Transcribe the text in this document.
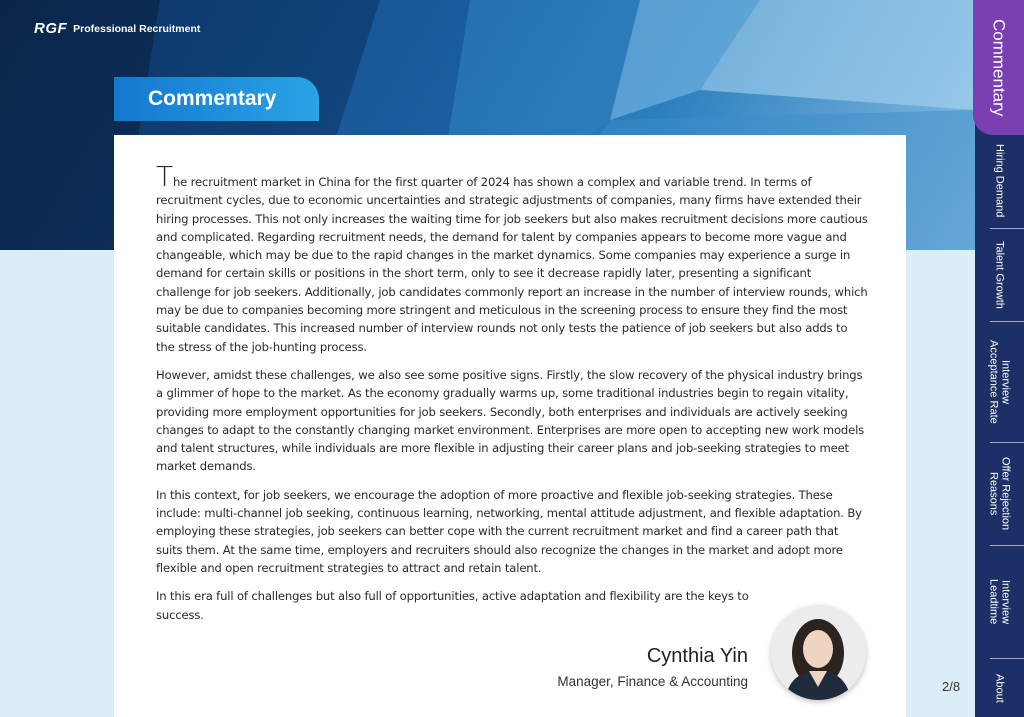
RGF Professional Recruitment
Commentary

The recruitment market in China for the first quarter of 2024 has shown a complex and variable trend. In terms of recruitment cycles, due to economic uncertainties and strategic adjustments of companies, many firms have extended their hiring processes. This not only increases the waiting time for job seekers but also makes recruitment decisions more cautious and complicated. Regarding recruitment needs, the demand for talent by companies appears to become more vague and changeable, which may be due to the rapid changes in the market dynamics. Some companies may experience a surge in demand for certain skills or positions in the short term, only to see it decrease rapidly later, presenting a significant challenge for job seekers. Additionally, job candidates commonly report an increase in the number of interview rounds, which may be due to companies becoming more stringent and meticulous in the screening process to ensure they find the most suitable candidates. This increased number of interview rounds not only tests the patience of job seekers but also adds to the stress of the job-hunting process.

However, amidst these challenges, we also see some positive signs. Firstly, the slow recovery of the physical industry brings a glimmer of hope to the market. As the economy gradually warms up, some traditional industries begin to regain vitality, providing more employment opportunities for job seekers. Secondly, both enterprises and individuals are actively seeking changes to adapt to the constantly changing market environment. Enterprises are more open to accepting new work models and talent structures, while individuals are more flexible in adjusting their career plans and job-seeking strategies to meet market demands.

In this context, for job seekers, we encourage the adoption of more proactive and flexible job-seeking strategies. These include: multi-channel job seeking, continuous learning, networking, mental attitude adjustment, and flexible adaptation. By employing these strategies, job seekers can better cope with the current recruitment market and find a career path that suits them. At the same time, employers and recruiters should also recognize the changes in the market and adopt more flexible and open recruitment strategies to attract and retain talent.

In this era full of challenges but also full of opportunities, active adaptation and flexibility are the keys to success.

Cynthia Yin
Manager, Finance & Accounting	2/8
Commentary
Hiring Demand
Talent Growth
Interview
Acceptance Rate
Offer Rejection
Reasons
Interview
Leadtime
About
